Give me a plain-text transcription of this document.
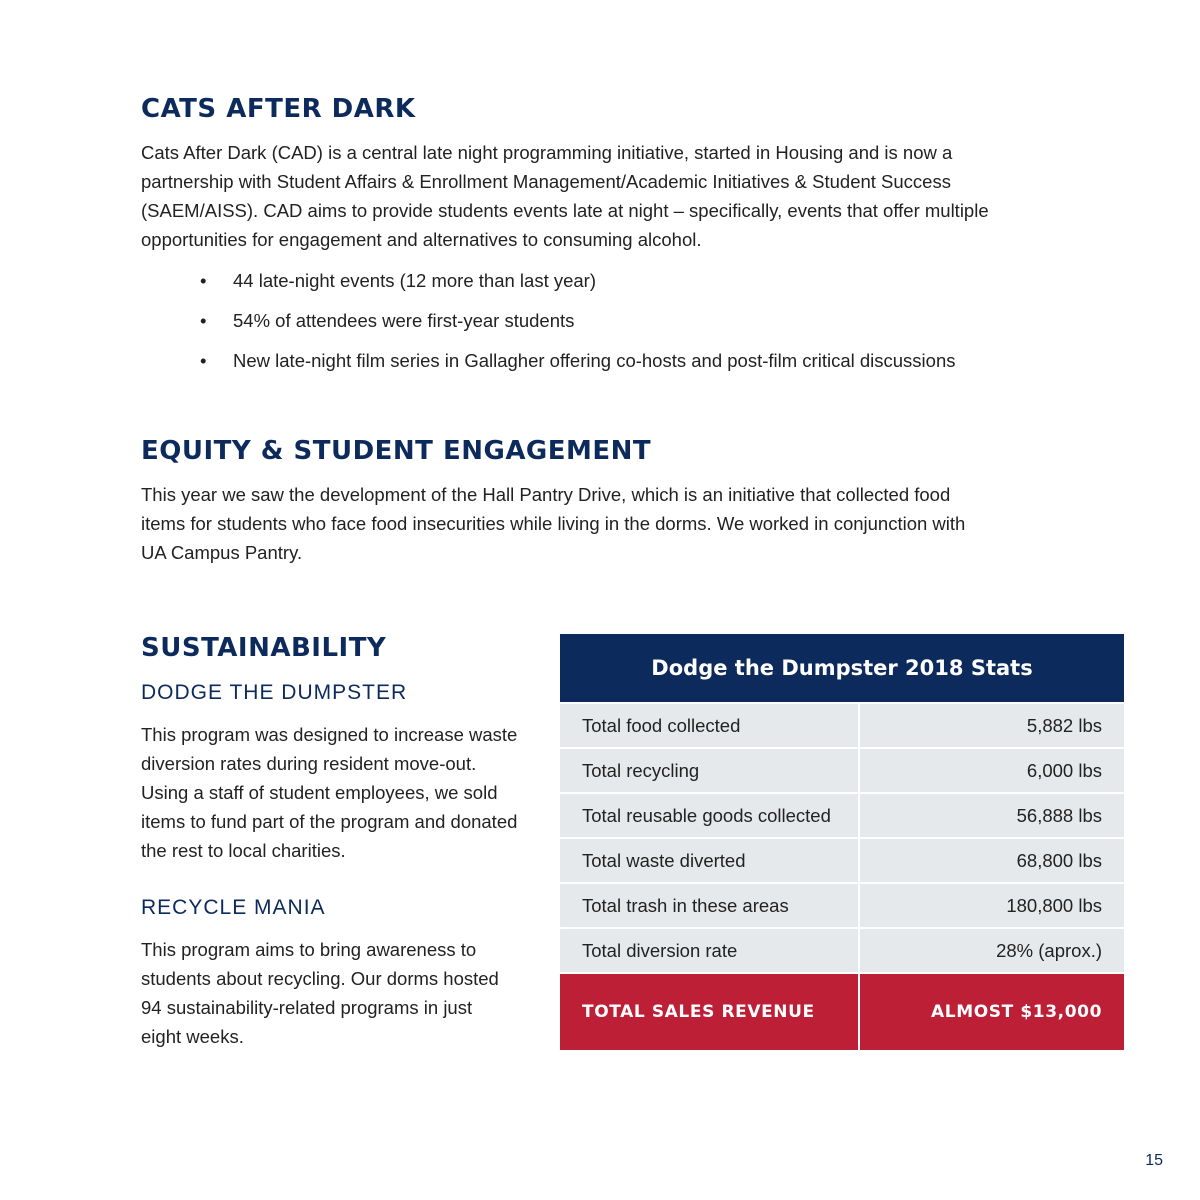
CATS AFTER DARK

Cats After Dark (CAD) is a central late night programming initiative, started in Housing and is now a partnership with Student Affairs & Enrollment Management/Academic Initiatives & Student Success (SAEM/AISS). CAD aims to provide students events late at night – specifically, events that offer multiple opportunities for engagement and alternatives to consuming alcohol.

•	44 late-night events (12 more than last year)
•	54% of attendees were first-year students
•	New late-night film series in Gallagher offering co-hosts and post-film critical discussions
EQUITY & STUDENT ENGAGEMENT

This year we saw the development of the Hall Pantry Drive, which is an initiative that collected food items for students who face food insecurities while living in the dorms. We worked in conjunction with UA Campus Pantry.

SUSTAINABILITY
DODGE THE DUMPSTER

This program was designed to increase waste diversion rates during resident move-out. Using a staff of student employees, we sold items to fund part of the program and donated the rest to local charities.

RECYCLE MANIA

This program aims to bring awareness to students about recycling. Our dorms hosted 94 sustainability-related programs in just eight weeks.

Dodge the Dumpster 2018 Stats
Total food collected	5,882 lbs
Total recycling	6,000 lbs
Total reusable goods collected	56,888 lbs
Total waste diverted	68,800 lbs
Total trash in these areas	180,800 lbs
Total diversion rate	28% (aprox.)
TOTAL SALES REVENUE	ALMOST $13,000
15
